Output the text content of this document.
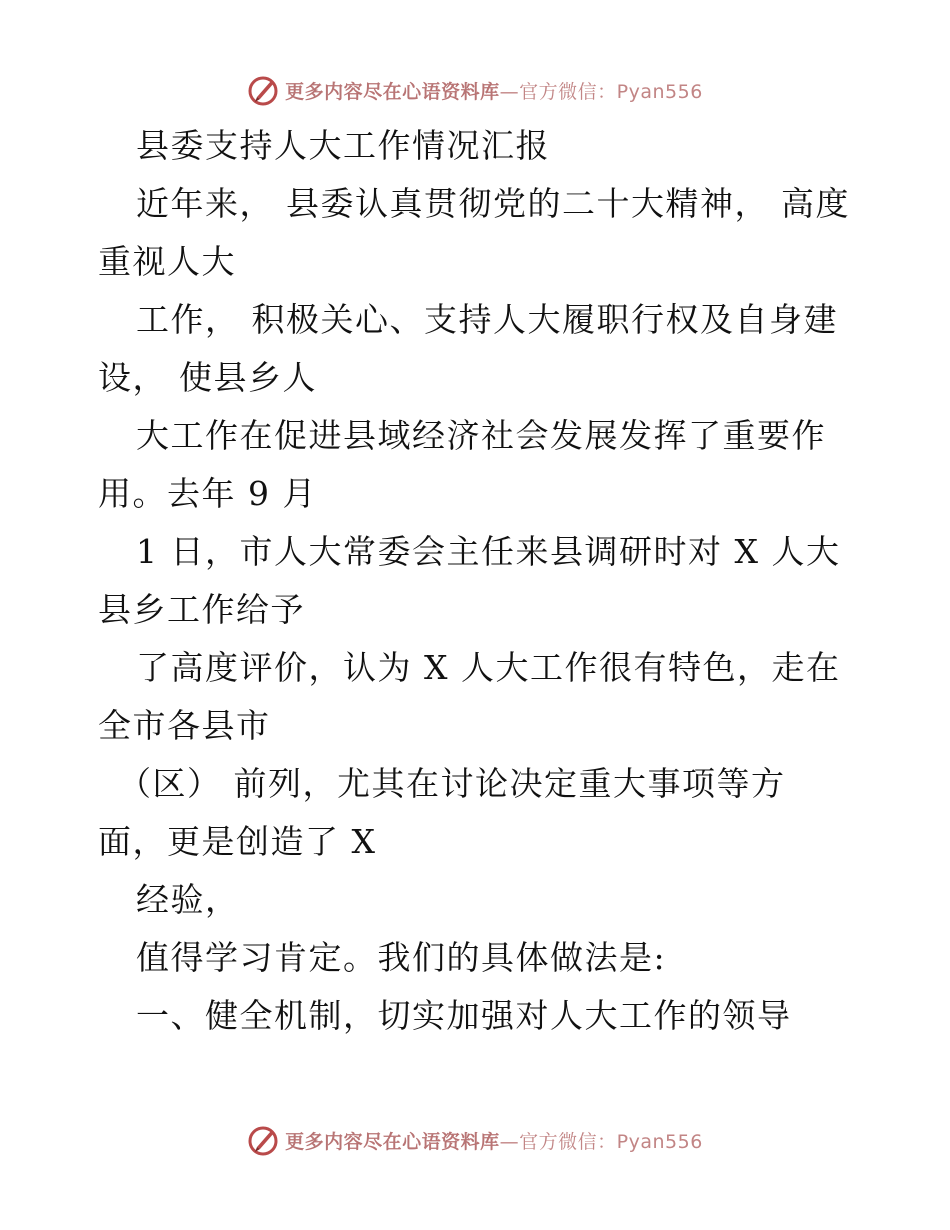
更多内容尽在心语资料库—官方微信：Pyan556
县委支持人大工作情况汇报
近年来， 县委认真贯彻党的二十大精神， 高度
重视人大
工作， 积极关心、支持人大履职行权及自身建
设， 使县乡人
大工作在促进县域经济社会发展发挥了重要作
用。去年 9 月
1 日，市人大常委会主任来县调研时对 X 人大
县乡工作给予
了高度评价，认为 X 人大工作很有特色，走在
全市各县市
（区） 前列，尤其在讨论决定重大事项等方
面，更是创造了 X
经验，
值得学习肯定。我们的具体做法是:
一、健全机制，切实加强对人大工作的领导
更多内容尽在心语资料库—官方微信：Pyan556
